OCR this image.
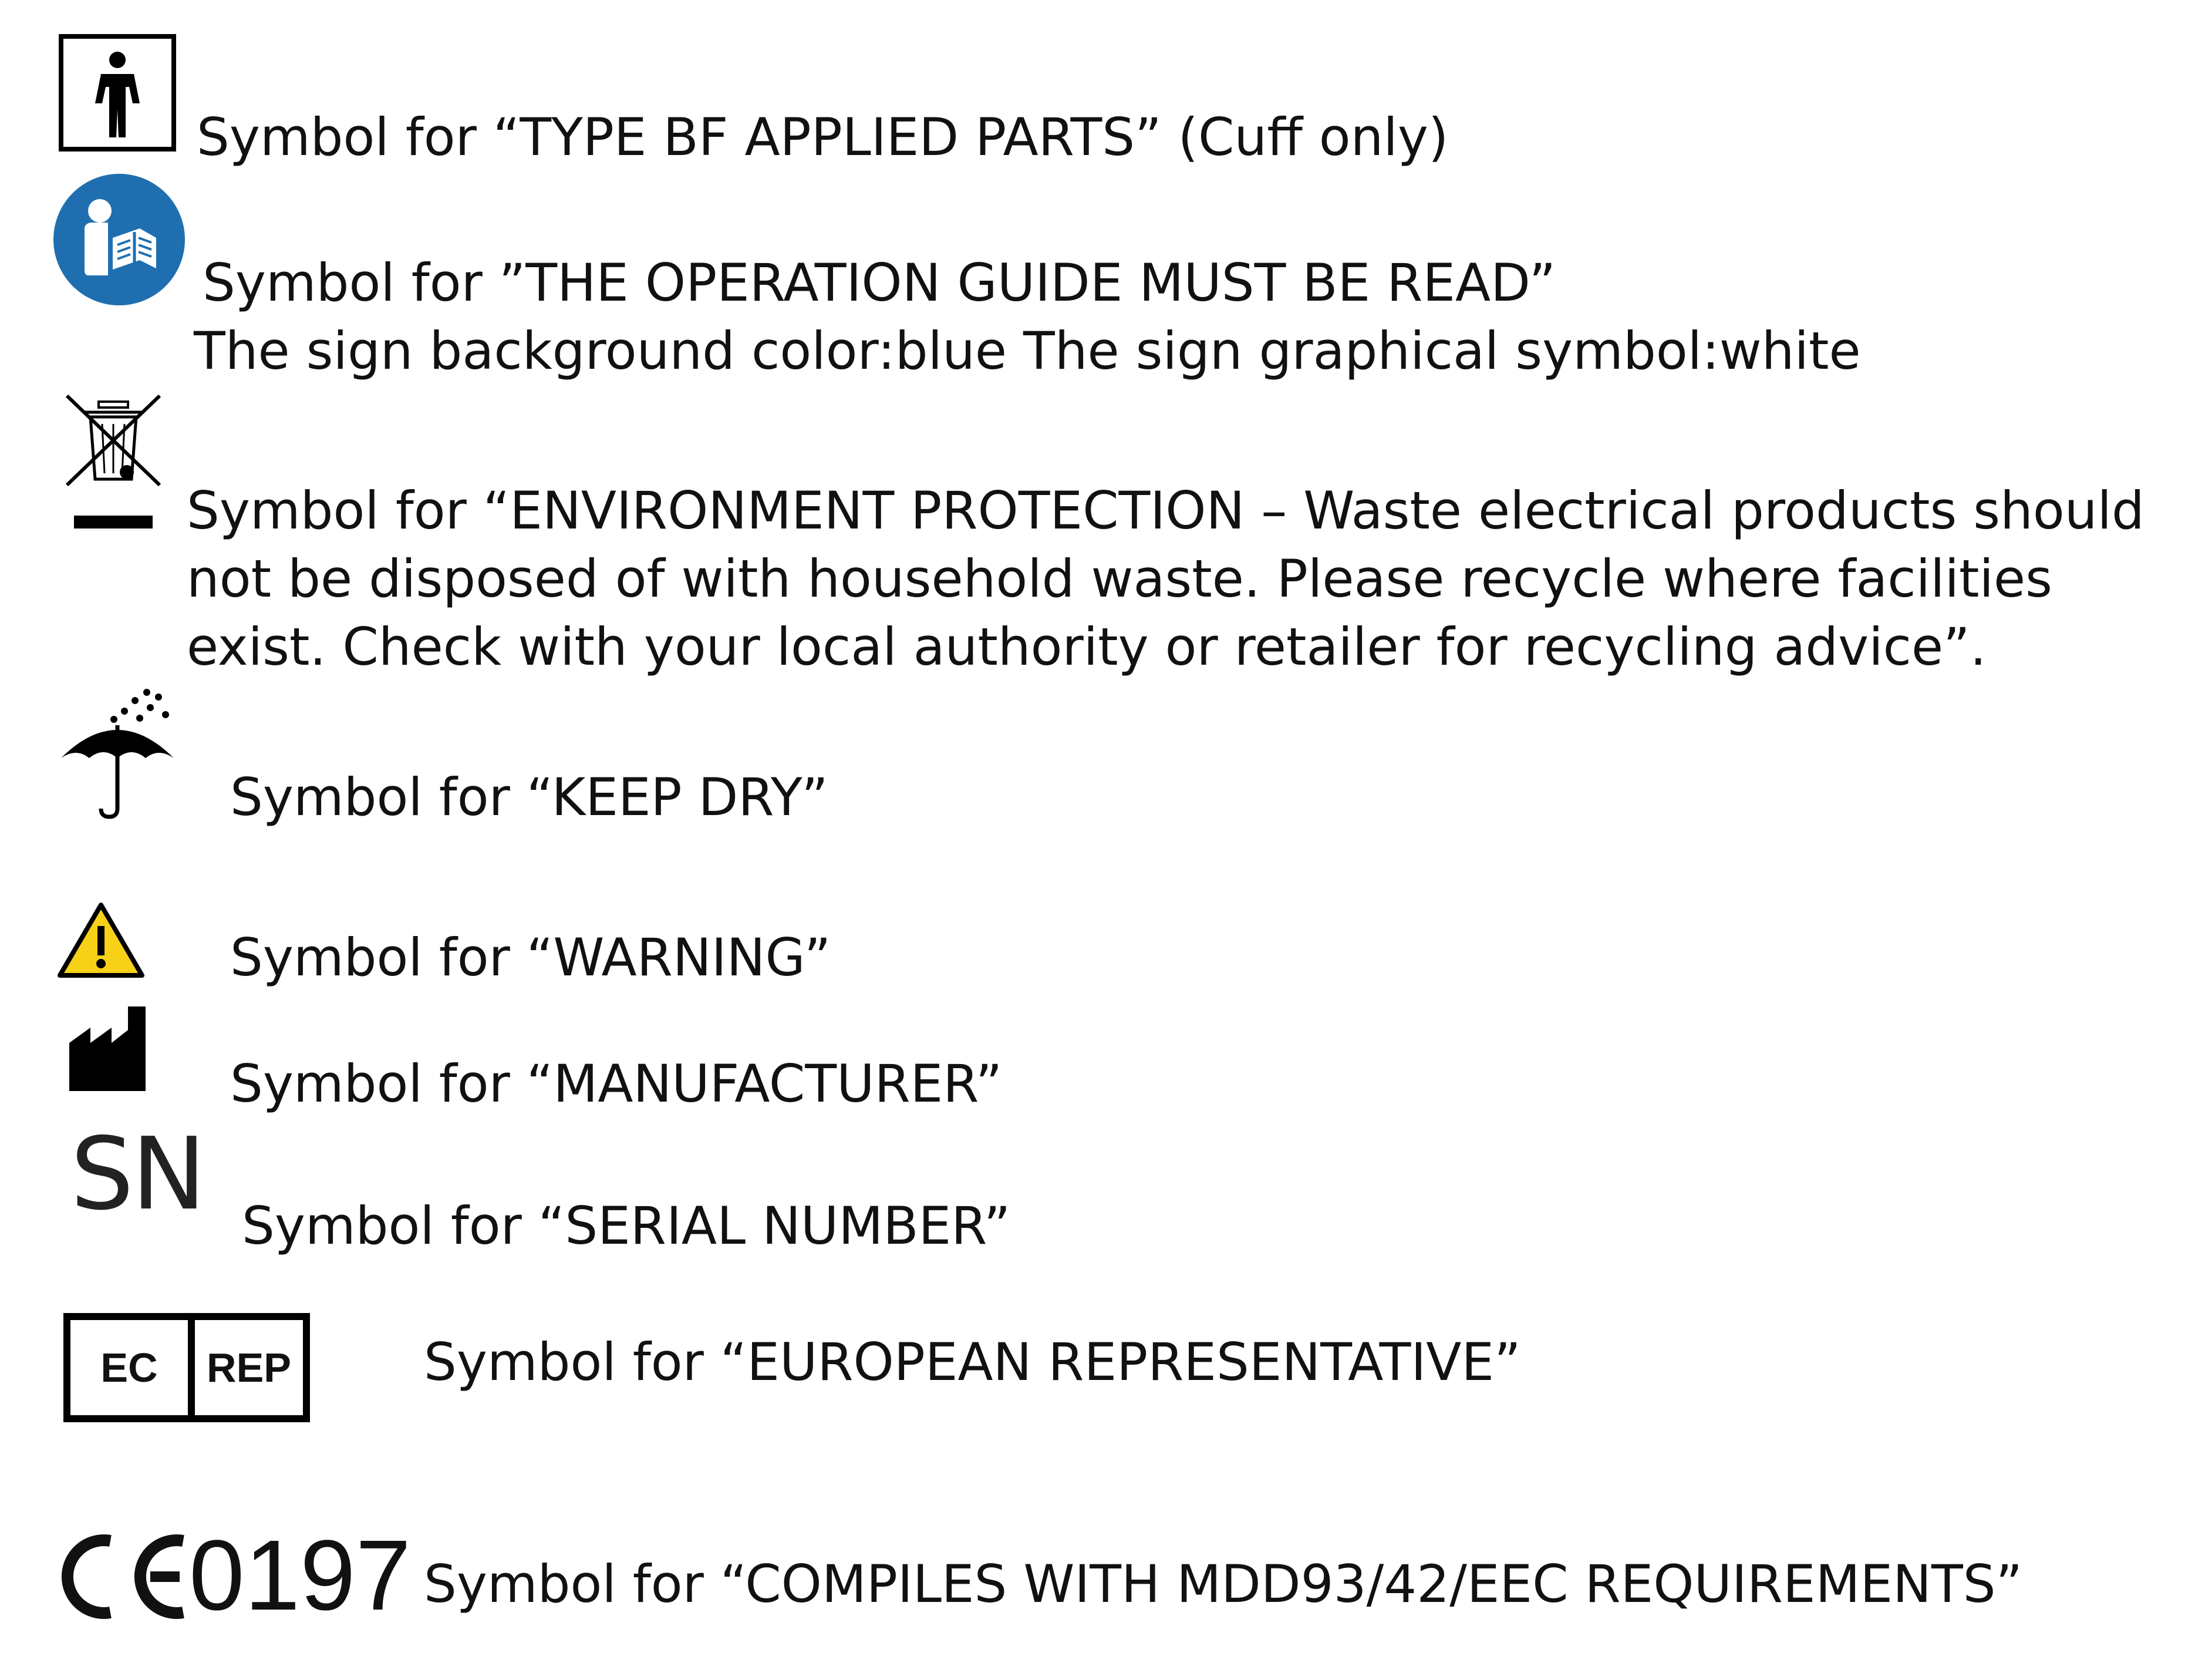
Symbol for “TYPE BF APPLIED PARTS” (Cuff only)

Symbol for ”THE OPERATION GUIDE MUST BE READ”

The sign background color:blue The sign graphical symbol:white

Symbol for “ENVIRONMENT PROTECTION – Waste electrical products should

not be disposed of with household waste. Please recycle where facilities

exist. Check with your local authority or retailer for recycling advice”.

Symbol for “KEEP DRY”

Symbol for “WARNING”

Symbol for “MANUFACTURER”

SN Symbol for “SERIAL NUMBER”

EC	REP	Symbol for “EUROPEAN REPRESENTATIVE”

0197 Symbol for “COMPILES WITH MDD93/42/EEC REQUIREMENTS”
